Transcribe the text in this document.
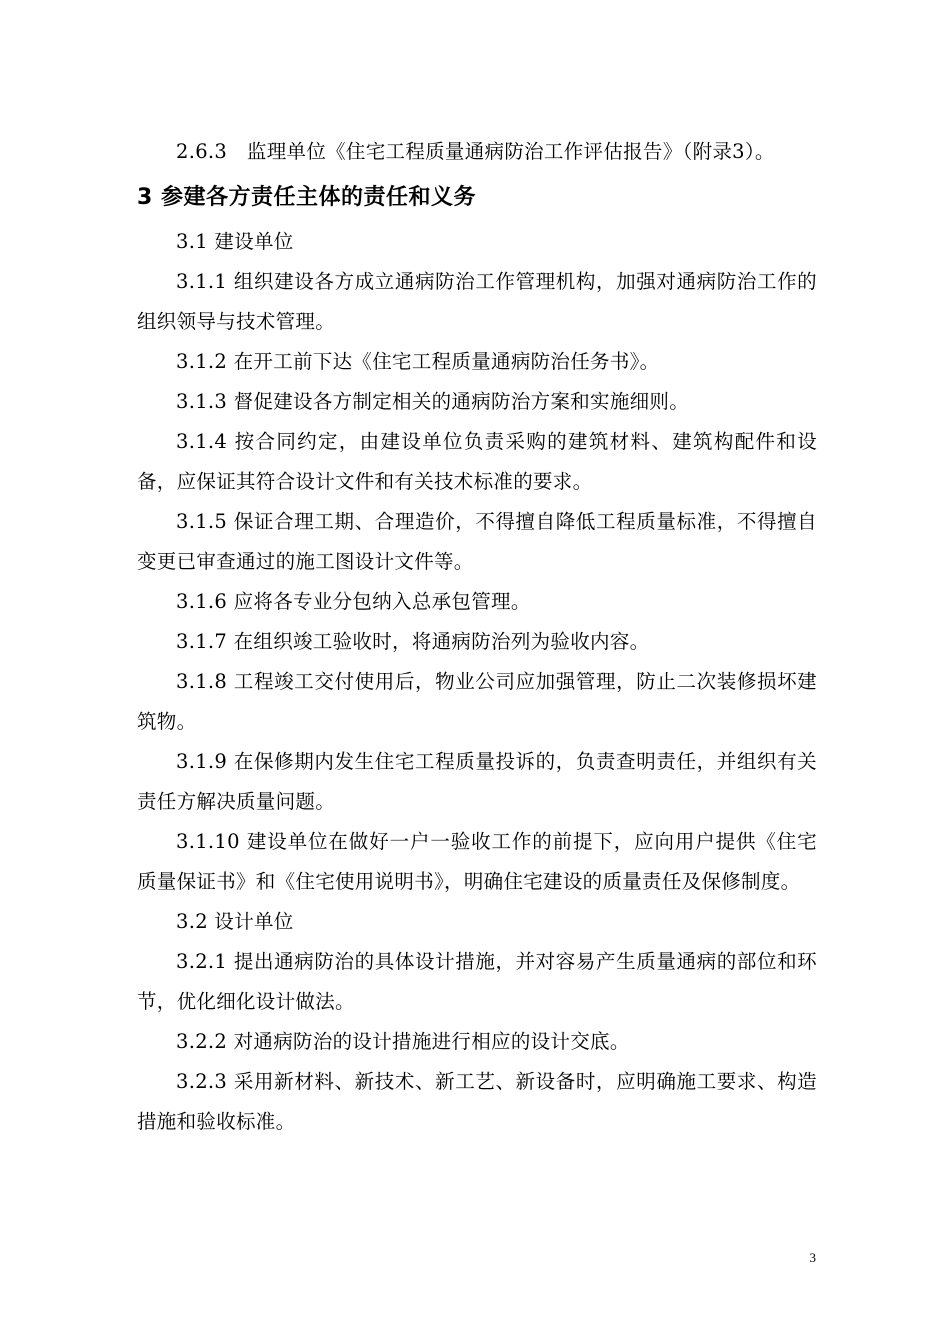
2.6.3　监理单位《住宅工程质量通病防治工作评估报告》（附录3）。

3 参建各方责任主体的责任和义务

3.1 建设单位

3.1.1 组织建设各方成立通病防治工作管理机构，加强对通病防治工作的组织领导与技术管理。

3.1.2 在开工前下达《住宅工程质量通病防治任务书》。

3.1.3 督促建设各方制定相关的通病防治方案和实施细则。

3.1.4 按合同约定，由建设单位负责采购的建筑材料、建筑构配件和设备，应保证其符合设计文件和有关技术标准的要求。

3.1.5 保证合理工期、合理造价，不得擅自降低工程质量标准，不得擅自变更已审查通过的施工图设计文件等。

3.1.6 应将各专业分包纳入总承包管理。

3.1.7 在组织竣工验收时，将通病防治列为验收内容。

3.1.8 工程竣工交付使用后，物业公司应加强管理，防止二次装修损坏建筑物。

3.1.9 在保修期内发生住宅工程质量投诉的，负责查明责任，并组织有关责任方解决质量问题。

3.1.10 建设单位在做好一户一验收工作的前提下，应向用户提供《住宅质量保证书》和《住宅使用说明书》，明确住宅建设的质量责任及保修制度。

3.2 设计单位

3.2.1 提出通病防治的具体设计措施，并对容易产生质量通病的部位和环节，优化细化设计做法。

3.2.2 对通病防治的设计措施进行相应的设计交底。

3.2.3 采用新材料、新技术、新工艺、新设备时，应明确施工要求、构造措施和验收标准。

3
